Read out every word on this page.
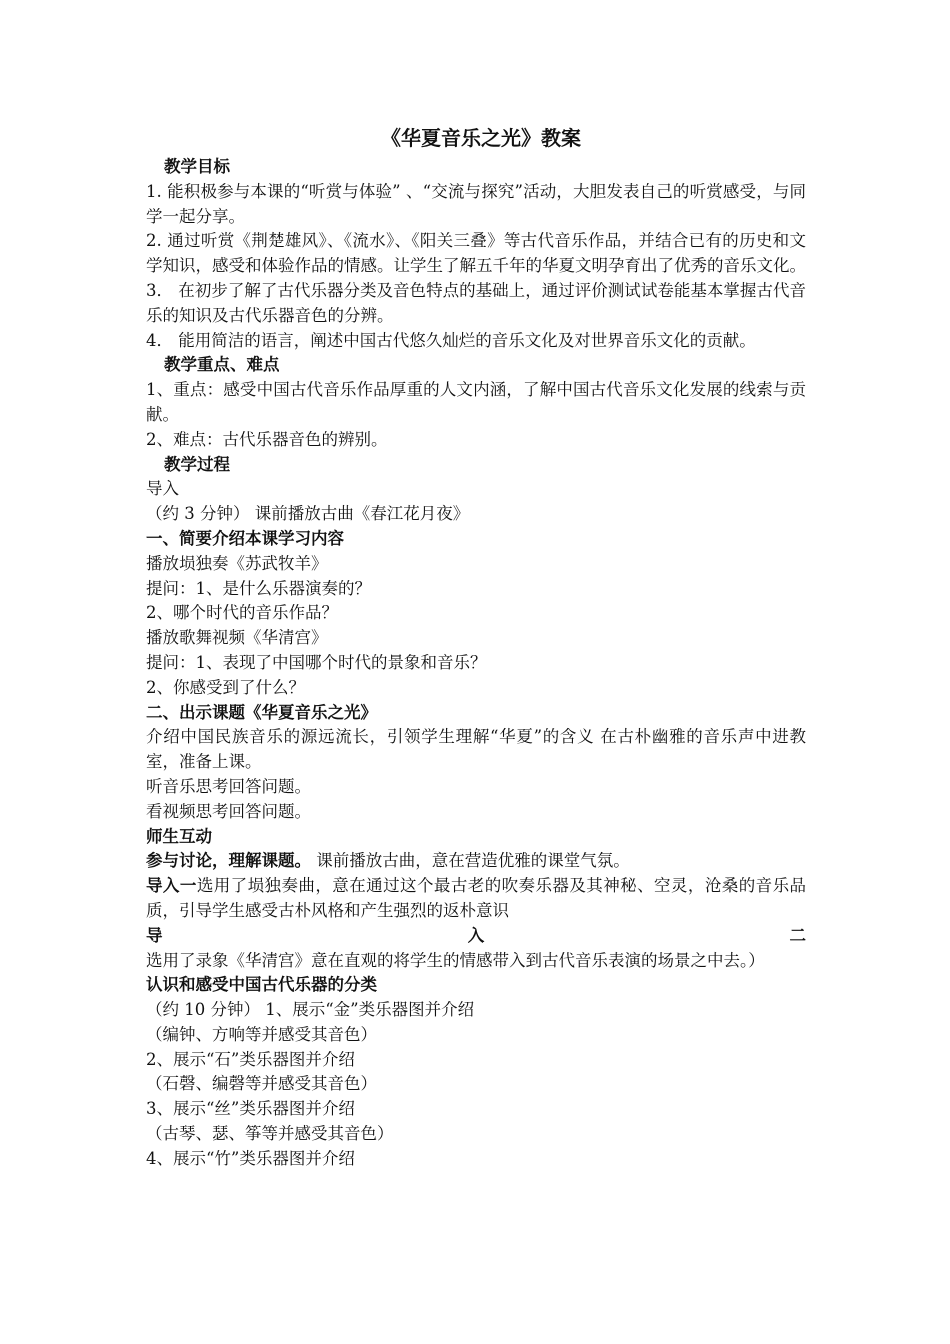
《华夏音乐之光》教案

教学目标

1. 能积极参与本课的“听赏与体验” 、“交流与探究”活动，大胆发表自己的听赏感受，与同学一起分享。

2. 通过听赏《荆楚雄风》、《流水》、《阳关三叠》等古代音乐作品，并结合已有的历史和文学知识，感受和体验作品的情感。让学生了解五千年的华夏文明孕育出了优秀的音乐文化。

3． 在初步了解了古代乐器分类及音色特点的基础上，通过评价测试试卷能基本掌握古代音乐的知识及古代乐器音色的分辨。

4． 能用简洁的语言，阐述中国古代悠久灿烂的音乐文化及对世界音乐文化的贡献。

教学重点、难点

1、重点：感受中国古代音乐作品厚重的人文内涵，了解中国古代音乐文化发展的线索与贡献。

2、难点：古代乐器音色的辨别。

教学过程

导入

（约 3 分钟） 课前播放古曲《春江花月夜》

一、简要介绍本课学习内容

播放埙独奏《苏武牧羊》

提问：1、是什么乐器演奏的？

2、哪个时代的音乐作品？

播放歌舞视频《华清宫》

提问：1、表现了中国哪个时代的景象和音乐？

2、你感受到了什么？

二、出示课题《华夏音乐之光》

介绍中国民族音乐的源远流长，引领学生理解“华夏”的含义 在古朴幽雅的音乐声中进教室，准备上课。

听音乐思考回答问题。

看视频思考回答问题。

师生互动

参与讨论，理解课题。 课前播放古曲，意在营造优雅的课堂气氛。

导入一选用了埙独奏曲，意在通过这个最古老的吹奏乐器及其神秘、空灵，沧桑的音乐品质，引导学生感受古朴风格和产生强烈的返朴意识

导入二选用了录象《华清宫》意在直观的将学生的情感带入到古代音乐表演的场景之中去。）

认识和感受中国古代乐器的分类

（约 10 分钟） 1、展示“金”类乐器图并介绍

（编钟、方响等并感受其音色）

2、展示“石”类乐器图并介绍

（石磬、编磬等并感受其音色）

3、展示“丝”类乐器图并介绍

（古琴、瑟、筝等并感受其音色）

4、展示“竹”类乐器图并介绍
